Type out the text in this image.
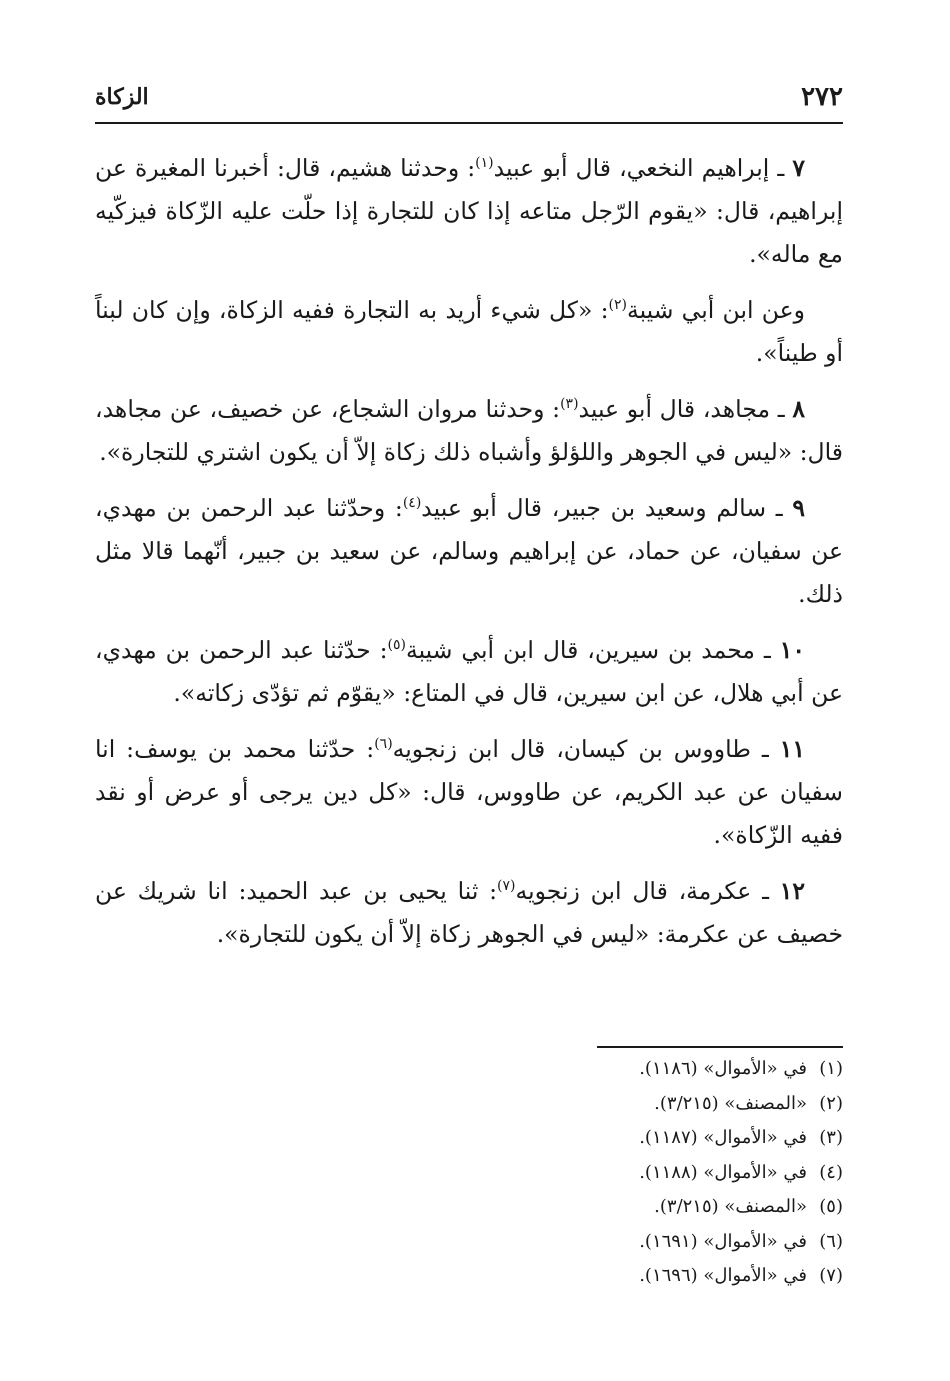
٢٧٢
الزكاة

٧ ـ إبراهيم النخعي، قال أبو عبيد$^{(١)}$: وحدثنا هشيم، قال: أخبرنا المغيرة عن إبراهيم، قال: «يقوم الرّجل متاعه إذا كان للتجارة إذا حلّت عليه الزّكاة فيزكّيه مع ماله».

وعن ابن أبي شيبة$^{(٢)}$: «كل شيء أريد به التجارة ففيه الزكاة، وإن كان لبناً أو طيناً».

٨ ـ مجاهد، قال أبو عبيد$^{(٣)}$: وحدثنا مروان الشجاع، عن خصيف، عن مجاهد، قال: «ليس في الجوهر واللؤلؤ وأشباه ذلك زكاة إلاّ أن يكون اشتري للتجارة».

٩ ـ سالم وسعيد بن جبير، قال أبو عبيد$^{(٤)}$: وحدّثنا عبد الرحمن بن مهدي، عن سفيان، عن حماد، عن إبراهيم وسالم، عن سعيد بن جبير، أنّهما قالا مثل ذلك.

١٠ ـ محمد بن سيرين، قال ابن أبي شيبة$^{(٥)}$: حدّثنا عبد الرحمن بن مهدي، عن أبي هلال، عن ابن سيرين، قال في المتاع: «يقوّم ثم تؤدّى زكاته».

١١ ـ طاووس بن كيسان، قال ابن زنجويه$^{(٦)}$: حدّثنا محمد بن يوسف: انا سفيان عن عبد الكريم، عن طاووس، قال: «كل دين يرجى أو عرض أو نقد ففيه الزّكاة».

١٢ ـ عكرمة، قال ابن زنجويه$^{(٧)}$: ثنا يحيى بن عبد الحميد: انا شريك عن خصيف عن عكرمة: «ليس في الجوهر زكاة إلاّ أن يكون للتجارة».

(١)في «الأموال» (١١٨٦).
(٢)«المصنف» (٣/٢١٥).
(٣)في «الأموال» (١١٨٧).
(٤)في «الأموال» (١١٨٨).
(٥)«المصنف» (٣/٢١٥).
(٦)في «الأموال» (١٦٩١).
(٧)في «الأموال» (١٦٩٦).
